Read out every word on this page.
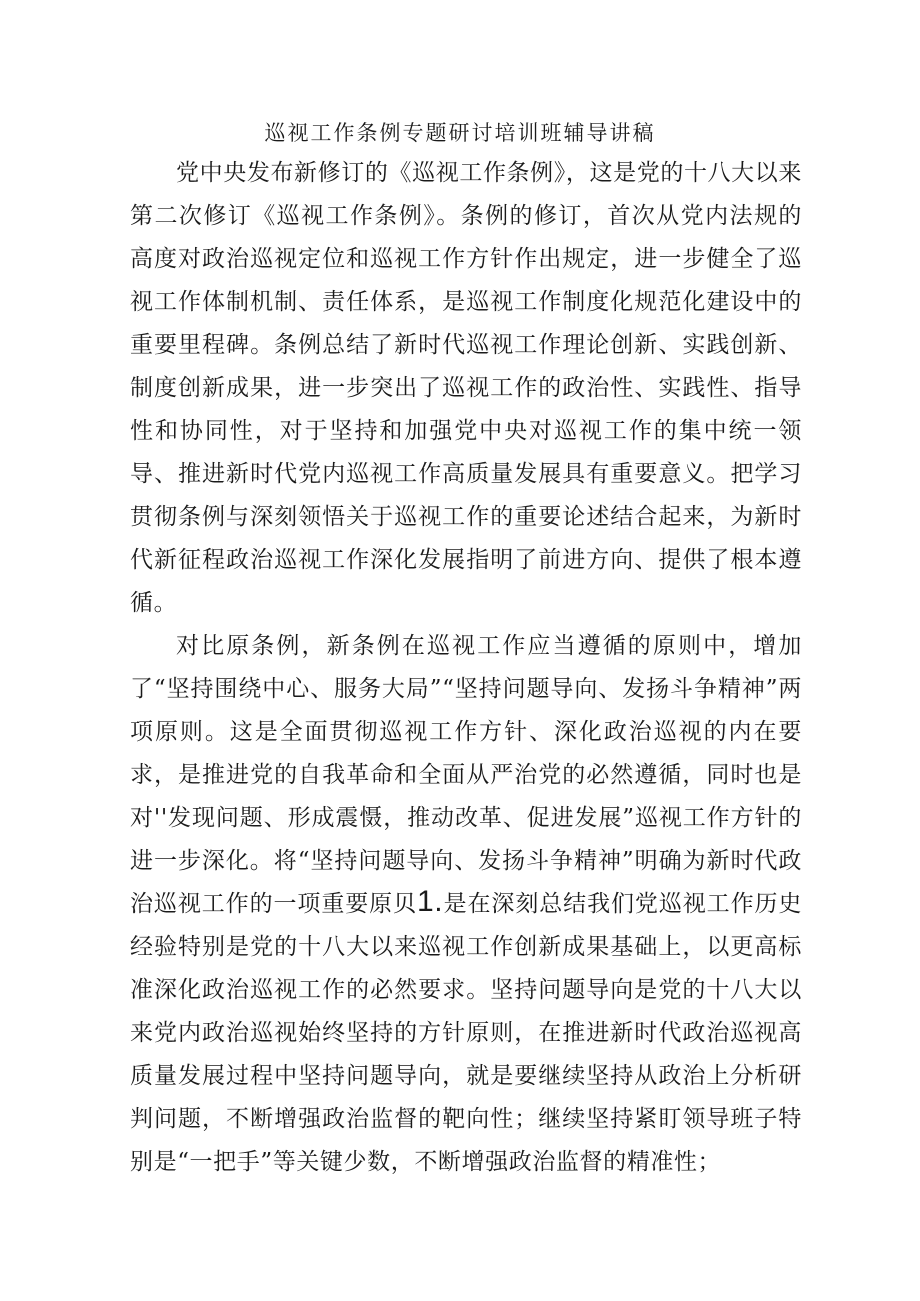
巡视工作条例专题研讨培训班辅导讲稿

党中央发布新修订的《巡视工作条例》，这是党的十八大以来第二次修订《巡视工作条例》。条例的修订，首次从党内法规的高度对政治巡视定位和巡视工作方针作出规定，进一步健全了巡视工作体制机制、责任体系，是巡视工作制度化规范化建设中的重要里程碑。条例总结了新时代巡视工作理论创新、实践创新、制度创新成果，进一步突出了巡视工作的政治性、实践性、指导性和协同性，对于坚持和加强党中央对巡视工作的集中统一领导、推进新时代党内巡视工作高质量发展具有重要意义。把学习贯彻条例与深刻领悟关于巡视工作的重要论述结合起来，为新时代新征程政治巡视工作深化发展指明了前进方向、提供了根本遵循。

对比原条例，新条例在巡视工作应当遵循的原则中，增加了“坚持围绕中心、服务大局”“坚持问题导向、发扬斗争精神”两项原则。这是全面贯彻巡视工作方针、深化政治巡视的内在要求，是推进党的自我革命和全面从严治党的必然遵循，同时也是对''发现问题、形成震慑，推动改革、促进发展”巡视工作方针的进一步深化。将“坚持问题导向、发扬斗争精神”明确为新时代政治巡视工作的一项重要原贝1.是在深刻总结我们党巡视工作历史经验特别是党的十八大以来巡视工作创新成果基础上，以更高标准深化政治巡视工作的必然要求。坚持问题导向是党的十八大以来党内政治巡视始终坚持的方针原则，在推进新时代政治巡视高质量发展过程中坚持问题导向，就是要继续坚持从政治上分析研判问题，不断增强政治监督的靶向性；继续坚持紧盯领导班子特别是“一把手”等关键少数，不断增强政治监督的精准性；
